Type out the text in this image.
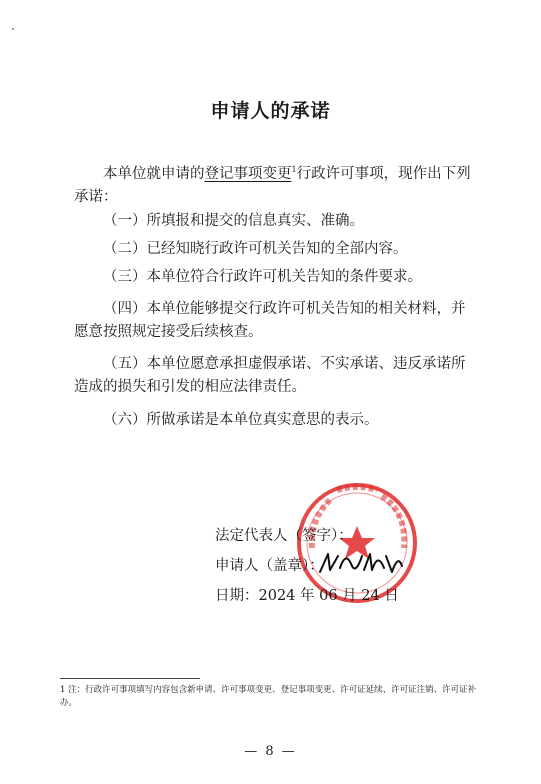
申请人的承诺

本单位就申请的登记事项变更$^1$行政许可事项，现作出下列承诺：

（一）所填报和提交的信息真实、准确。

（二）已经知晓行政许可机关告知的全部内容。

（三）本单位符合行政许可机关告知的条件要求。

（四）本单位能够提交行政许可机关告知的相关材料，并愿意按照规定接受后续核查。

（五）本单位愿意承担虚假承诺、不实承诺、违反承诺所造成的损失和引发的相应法律责任。

（六）所做承诺是本单位真实意思的表示。

法定代表人（签字）：
申请人（盖章）：
日期：2024 年 06 月 24 日
1 注：行政许可事项填写内容包含新申请、许可事项变更、登记事项变更、许可证延续、许可证注销、许可证补办。
— 8 —
